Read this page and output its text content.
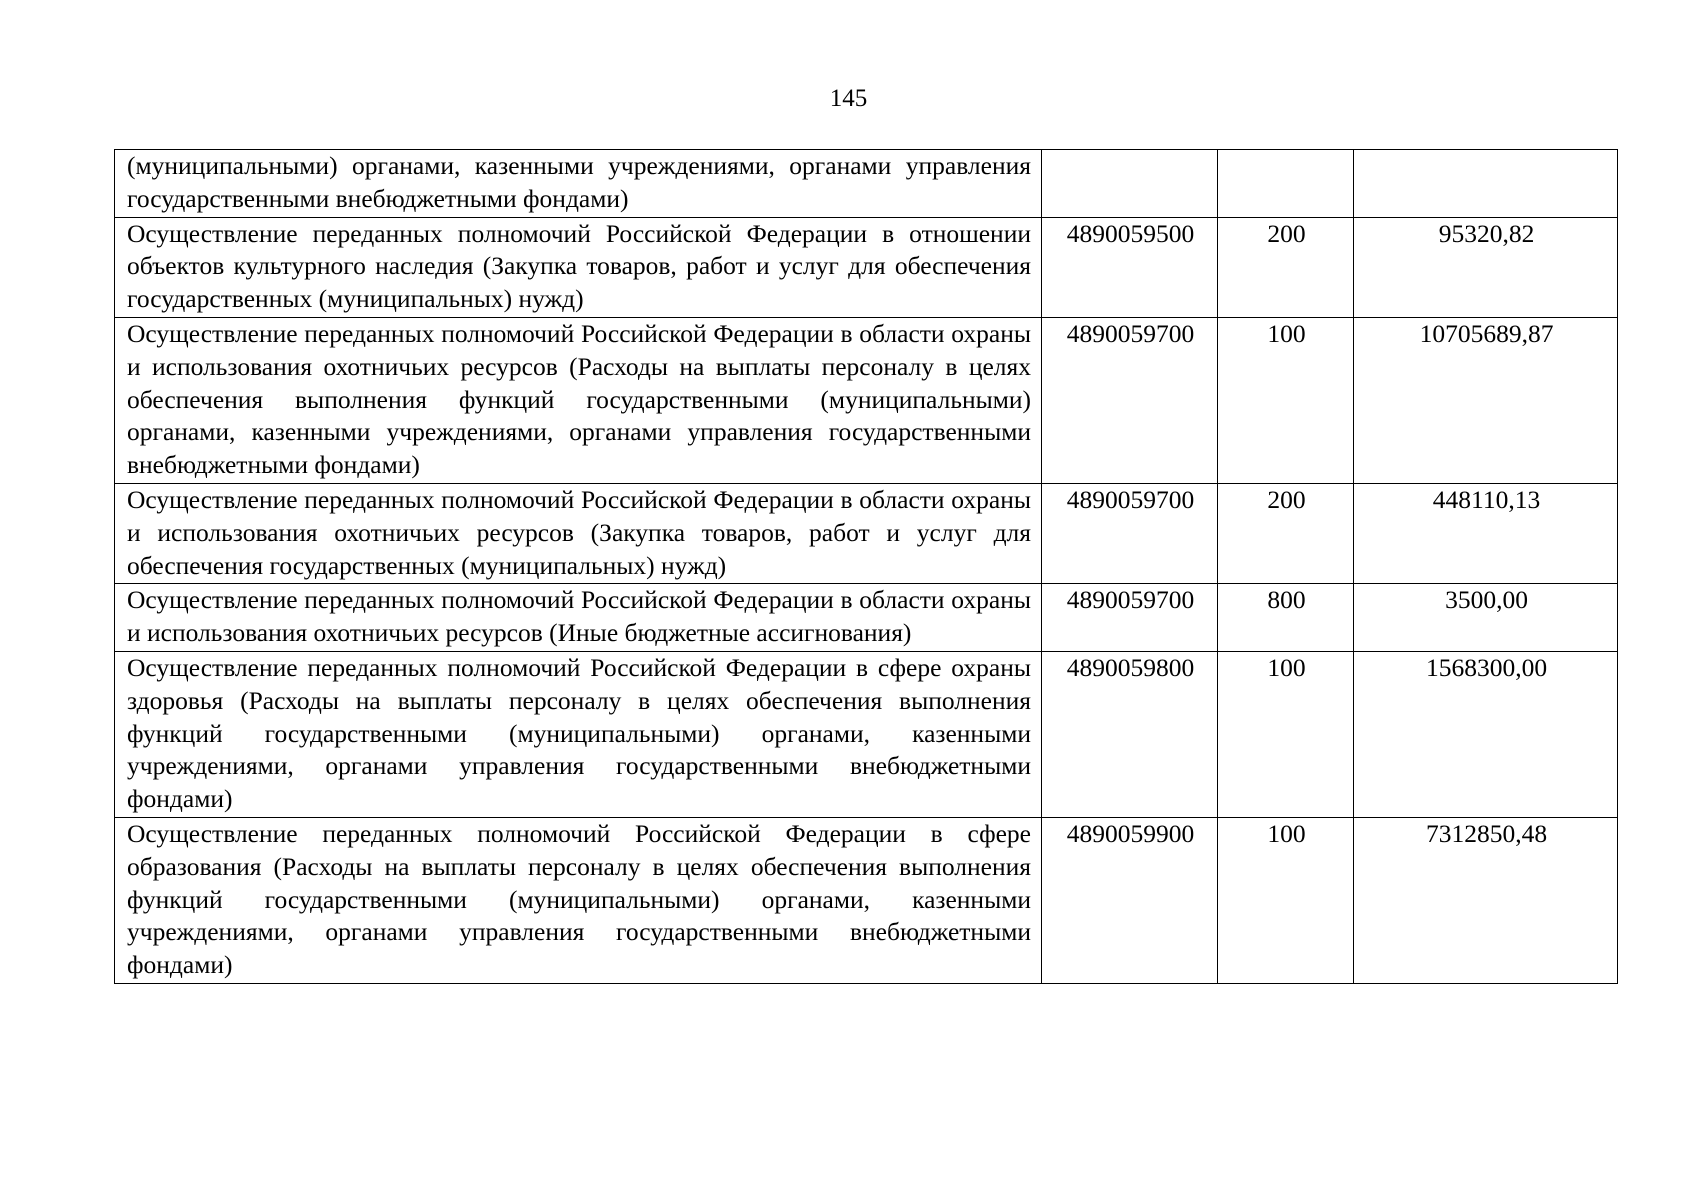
145
(муниципальными) органами, казенными учреждениями, органами управления государственными внебюджетными фондами)			
Осуществление переданных полномочий Российской Федерации в отношении объектов культурного наследия (Закупка товаров, работ и услуг для обеспечения государственных (муниципальных) нужд)	4890059500	200	95320,82
Осуществление переданных полномочий Российской Федерации в области охраны и использования охотничьих ресурсов (Расходы на выплаты персоналу в целях обеспечения выполнения функций государственными (муниципальными) органами, казенными учреждениями, органами управления государственными внебюджетными фондами)	4890059700	100	10705689,87
Осуществление переданных полномочий Российской Федерации в области охраны и использования охотничьих ресурсов (Закупка товаров, работ и услуг для обеспечения государственных (муниципальных) нужд)	4890059700	200	448110,13
Осуществление переданных полномочий Российской Федерации в области охраны и использования охотничьих ресурсов (Иные бюджетные ассигнования)	4890059700	800	3500,00
Осуществление переданных полномочий Российской Федерации в сфере охраны здоровья (Расходы на выплаты персоналу в целях обеспечения выполнения функций государственными (муниципальными) органами, казенными учреждениями, органами управления государственными внебюджетными фондами)	4890059800	100	1568300,00
Осуществление переданных полномочий Российской Федерации в сфере образования (Расходы на выплаты персоналу в целях обеспечения выполнения функций государственными (муниципальными) органами, казенными учреждениями, органами управления государственными внебюджетными фондами)	4890059900	100	7312850,48
